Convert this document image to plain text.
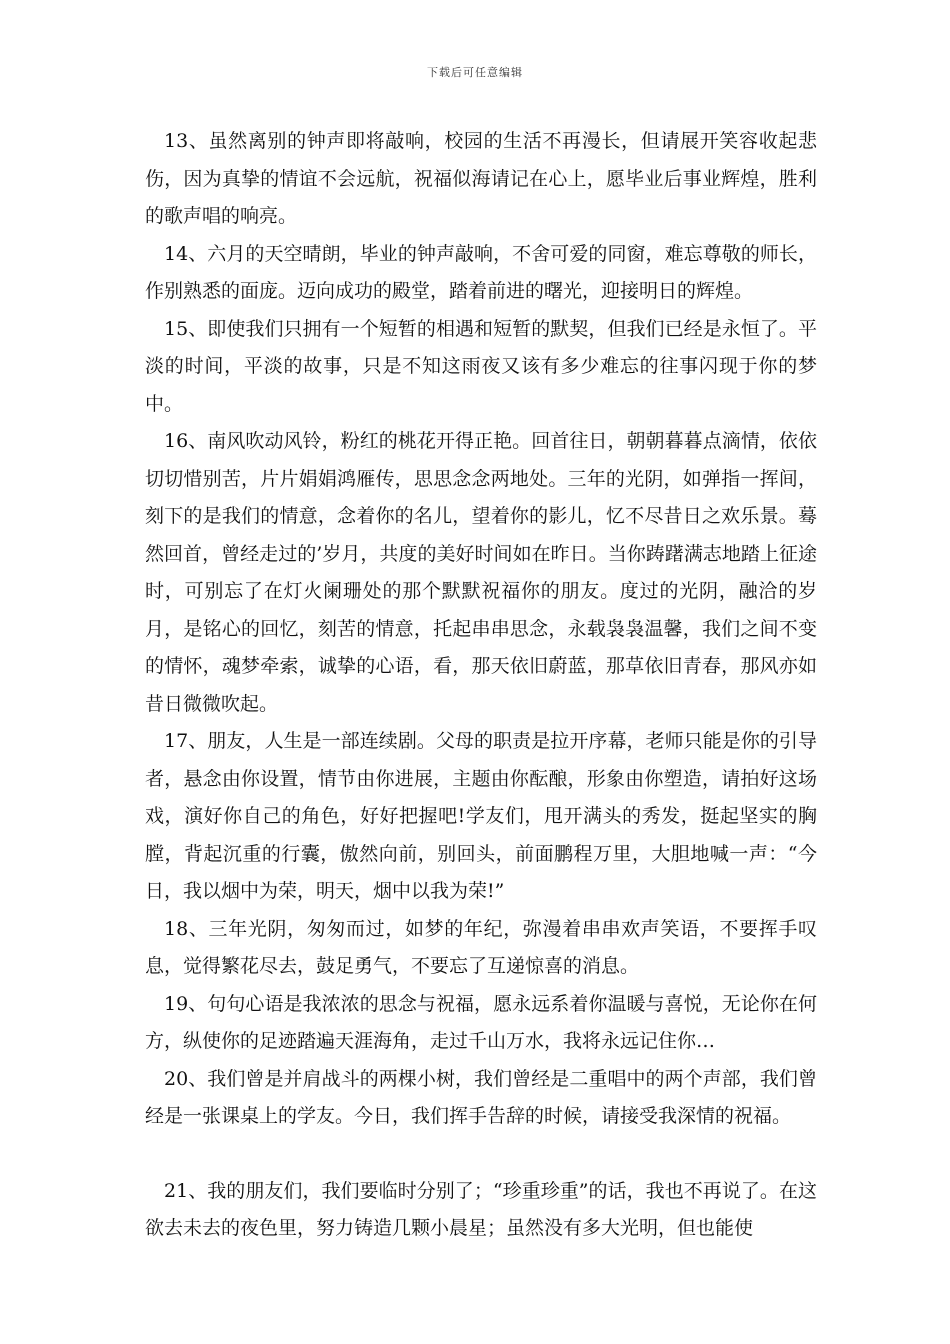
下载后可任意编辑

13、虽然离别的钟声即将敲响，校园的生活不再漫长，但请展开笑容收起悲伤，因为真挚的情谊不会远航，祝福似海请记在心上，愿毕业后事业辉煌，胜利的歌声唱的响亮。

14、六月的天空晴朗，毕业的钟声敲响，不舍可爱的同窗，难忘尊敬的师长，作别熟悉的面庞。迈向成功的殿堂，踏着前进的曙光，迎接明日的辉煌。

15、即使我们只拥有一个短暂的相遇和短暂的默契，但我们已经是永恒了。平淡的时间，平淡的故事，只是不知这雨夜又该有多少难忘的往事闪现于你的梦中。

16、南风吹动风铃，粉红的桃花开得正艳。回首往日，朝朝暮暮点滴情，依依切切惜别苦，片片娟娟鸿雁传，思思念念两地处。三年的光阴，如弹指一挥间，刻下的是我们的情意，念着你的名儿，望着你的影儿，忆不尽昔日之欢乐景。蓦然回首，曾经走过的’岁月，共度的美好时间如在昨日。当你踌躇满志地踏上征途时，可别忘了在灯火阑珊处的那个默默祝福你的朋友。度过的光阴，融洽的岁月，是铭心的回忆，刻苦的情意，托起串串思念，永载袅袅温馨，我们之间不变的情怀，魂梦牵索，诚挚的心语，看，那天依旧蔚蓝，那草依旧青春，那风亦如昔日微微吹起。

17、朋友，人生是一部连续剧。父母的职责是拉开序幕，老师只能是你的引导者，悬念由你设置，情节由你进展，主题由你酝酿，形象由你塑造，请拍好这场戏，演好你自己的角色，好好把握吧!学友们，甩开满头的秀发，挺起坚实的胸膛，背起沉重的行囊，傲然向前，别回头，前面鹏程万里，大胆地喊一声：“今日，我以烟中为荣，明天，烟中以我为荣!”

18、三年光阴，匆匆而过，如梦的年纪，弥漫着串串欢声笑语，不要挥手叹息，觉得繁花尽去，鼓足勇气，不要忘了互递惊喜的消息。

19、句句心语是我浓浓的思念与祝福，愿永远系着你温暖与喜悦，无论你在何方，纵使你的足迹踏遍天涯海角，走过千山万水，我将永远记住你…

20、我们曾是并肩战斗的两棵小树，我们曾经是二重唱中的两个声部，我们曾经是一张课桌上的学友。今日，我们挥手告辞的时候，请接受我深情的祝福。

21、我的朋友们，我们要临时分别了；“珍重珍重”的话，我也不再说了。在这欲去未去的夜色里，努力铸造几颗小晨星；虽然没有多大光明，但也能使
